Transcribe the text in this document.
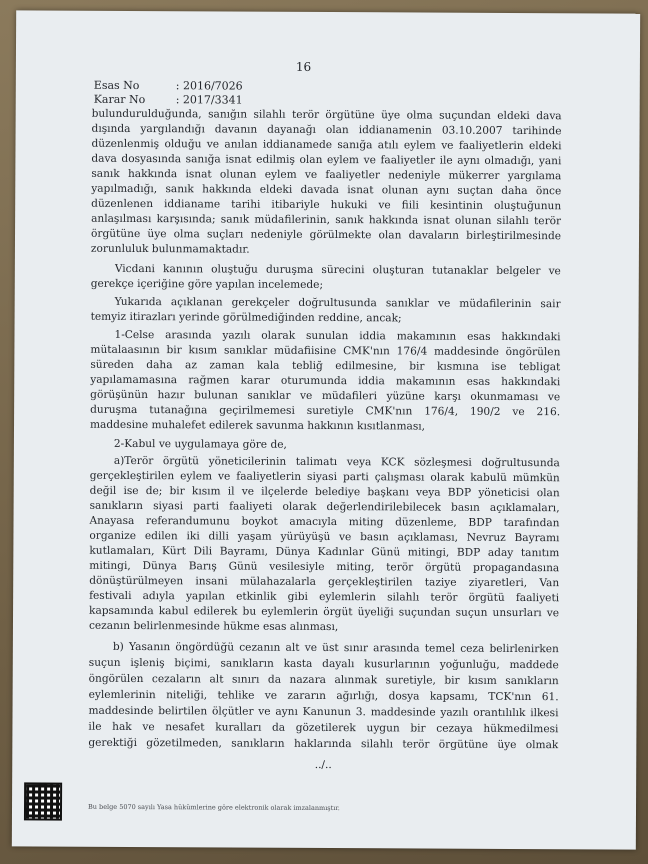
16
Esas No	: 2016/7026
Karar No	: 2017/3341
bulundurulduğunda, sanığın silahlı terör örgütüne üye olma suçundan eldeki dava
dışında yargılandığı davanın dayanağı olan iddianamenin 03.10.2007 tarihinde
düzenlenmiş olduğu ve anılan iddianamede sanığa atılı eylem ve faaliyetlerin eldeki
dava dosyasında sanığa isnat edilmiş olan eylem ve faaliyetler ile aynı olmadığı, yani
sanık hakkında isnat olunan eylem ve faaliyetler nedeniyle mükerrer yargılama
yapılmadığı, sanık hakkında eldeki davada isnat olunan aynı suçtan daha önce
düzenlenen iddianame tarihi itibariyle hukuki ve fiili kesintinin oluştuğunun
anlaşılması karşısında; sanık müdafilerinin, sanık hakkında isnat olunan silahlı terör
örgütüne üye olma suçları nedeniyle görülmekte olan davaların birleştirilmesinde
zorunluluk bulunmamaktadır.
Vicdani kanının oluştuğu duruşma sürecini oluşturan tutanaklar belgeler ve
gerekçe içeriğine göre yapılan incelemede;
Yukarıda açıklanan gerekçeler doğrultusunda sanıklar ve müdafilerinin sair
temyiz itirazları yerinde görülmediğinden reddine, ancak;
1-Celse arasında yazılı olarak sunulan iddia makamının esas hakkındaki
mütalaasının bir kısım sanıklar müdafiisine CMK'nın 176/4 maddesinde öngörülen
süreden daha az zaman kala tebliğ edilmesine, bir kısmına ise tebligat
yapılamamasına rağmen karar oturumunda iddia makamının esas hakkındaki
görüşünün hazır bulunan sanıklar ve müdafileri yüzüne karşı okunmaması ve
duruşma tutanağına geçirilmemesi suretiyle CMK'nın 176/4, 190/2 ve 216.
maddesine muhalefet edilerek savunma hakkının kısıtlanması,
2-Kabul ve uygulamaya göre de,
a)Terör örgütü yöneticilerinin talimatı veya KCK sözleşmesi doğrultusunda
gerçekleştirilen eylem ve faaliyetlerin siyasi parti çalışması olarak kabulü mümkün
değil ise de; bir kısım il ve ilçelerde belediye başkanı veya BDP yöneticisi olan
sanıkların siyasi parti faaliyeti olarak değerlendirilebilecek basın açıklamaları,
Anayasa referandumunu boykot amacıyla miting düzenleme, BDP tarafından
organize edilen iki dilli yaşam yürüyüşü ve basın açıklaması, Nevruz Bayramı
kutlamaları, Kürt Dili Bayramı, Dünya Kadınlar Günü mitingi, BDP aday tanıtım
mitingi, Dünya Barış Günü vesilesiyle miting, terör örgütü propagandasına
dönüştürülmeyen insani mülahazalarla gerçekleştirilen taziye ziyaretleri, Van
festivali adıyla yapılan etkinlik gibi eylemlerin silahlı terör örgütü faaliyeti
kapsamında kabul edilerek bu eylemlerin örgüt üyeliği suçundan suçun unsurları ve
cezanın belirlenmesinde hükme esas alınması,
b) Yasanın öngördüğü cezanın alt ve üst sınır arasında temel ceza belirlenirken
suçun işleniş biçimi, sanıkların kasta dayalı kusurlarının yoğunluğu, maddede
öngörülen cezaların alt sınırı da nazara alınmak suretiyle, bir kısım sanıkların
eylemlerinin niteliği, tehlike ve zararın ağırlığı, dosya kapsamı, TCK'nın 61.
maddesinde belirtilen ölçütler ve aynı Kanunun 3. maddesinde yazılı orantılılık ilkesi
ile hak ve nesafet kuralları da gözetilerek uygun bir cezaya hükmedilmesi
gerektiği gözetilmeden, sanıkların haklarında silahlı terör örgütüne üye olmak
../..
Bu belge 5070 sayılı Yasa hükümlerine göre elektronik olarak imzalanmıştır.
